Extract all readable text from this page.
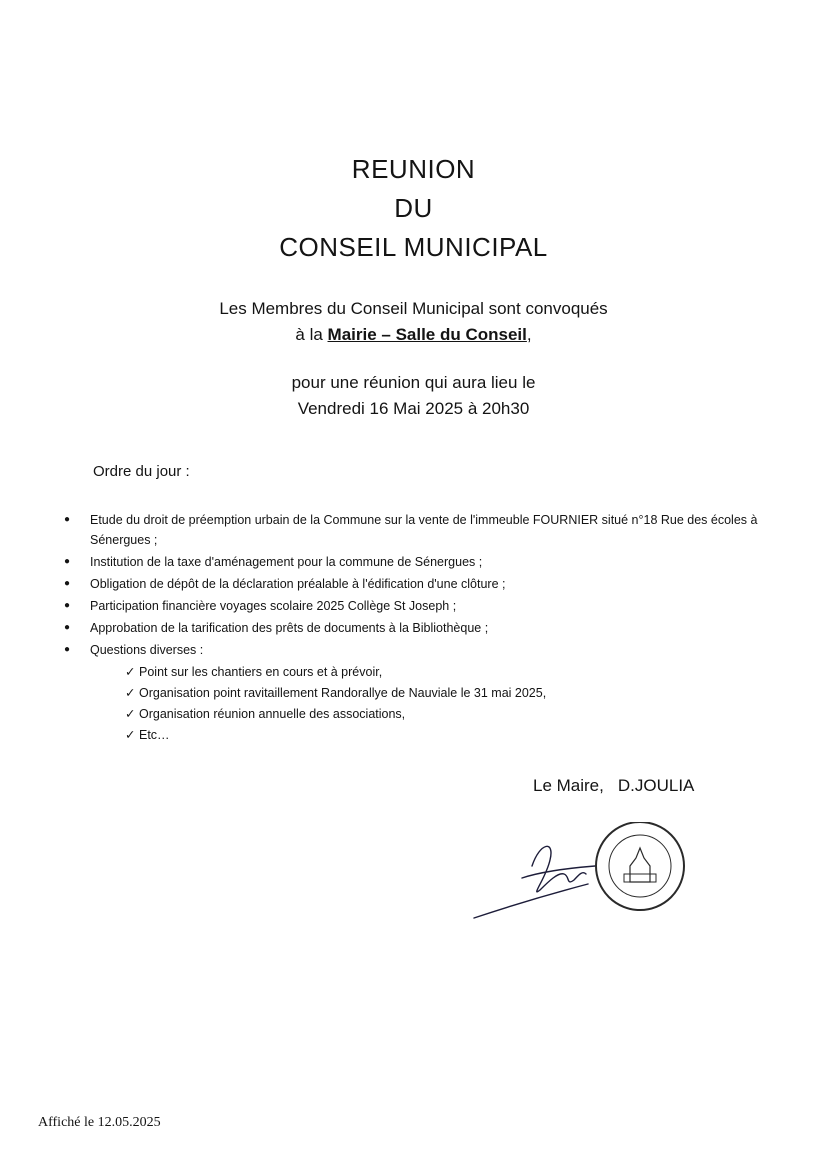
REUNION
DU
CONSEIL MUNICIPAL
Les Membres du Conseil Municipal sont convoqués
à la Mairie – Salle du Conseil,
pour une réunion qui aura lieu le
Vendredi 16 Mai 2025 à 20h30
Ordre du jour :
● Etude du droit de préemption urbain de la Commune sur la vente de l'immeuble FOURNIER situé n°18 Rue des écoles à Sénergues ;
● Institution de la taxe d'aménagement pour la commune de Sénergues ;
● Obligation de dépôt de la déclaration préalable à l'édification d'une clôture ;
● Participation financière voyages scolaire 2025 Collège St Joseph ;
● Approbation de la tarification des prêts de documents à la Bibliothèque ;
● Questions diverses :
✓ Point sur les chantiers en cours et à prévoir,
✓ Organisation point ravitaillement Randorallye de Nauviale le 31 mai 2025,
✓ Organisation réunion annuelle des associations,
✓ Etc…
Le Maire, D.JOULIA
Affiché le 12.05.2025
